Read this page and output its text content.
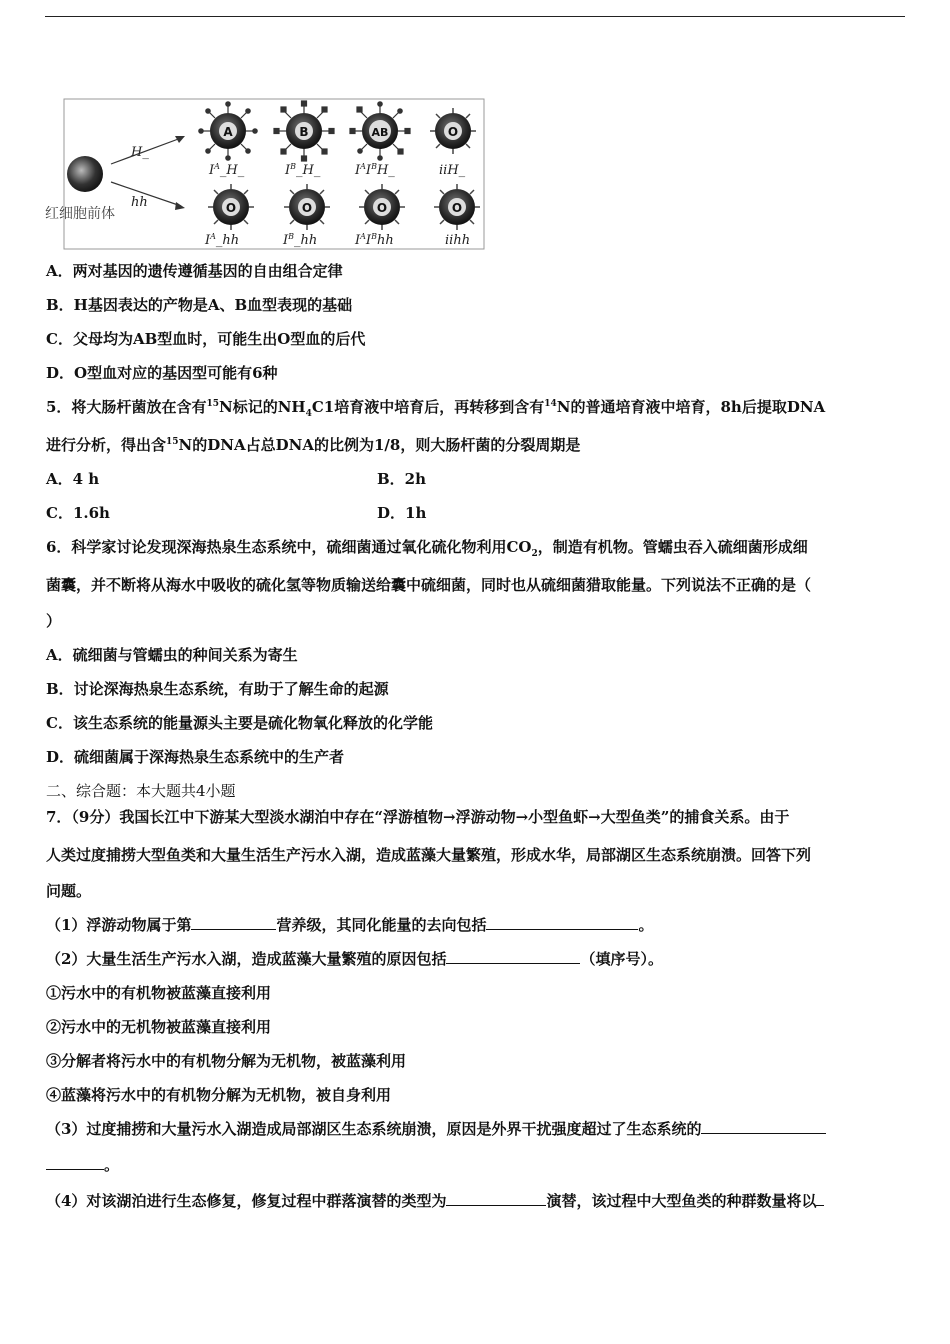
红细胞前体
H_
hh
A	B	AB	O
$I^A\_H\_$	$I^B\_H\_$	$I^AI^BH\_$	iiH_
O	O	O	O
$I^A\_hh$	$I^B\_hh$	$I^AI^Bhh$	iihh
A．两对基因的遗传遵循基因的自由组合定律
B．H基因表达的产物是A、B血型表现的基础
C．父母均为AB型血时，可能生出O型血的后代
D．O型血对应的基因型可能有6种
5．将大肠杆菌放在含有$^{15}$N标记的$NH_4C1$培育液中培育后，再转移到含有$^{14}$N的普通培育液中培育，8h后提取DNA
进行分析，得出含$^{15}$N的DNA占总DNA的比例为1/8，则大肠杆菌的分裂周期是
A．4 h	B．2h
C．1.6h	D．1h
6．科学家讨论发现深海热泉生态系统中，硫细菌通过氧化硫化物利用$CO_2$，制造有机物。管蠕虫吞入硫细菌形成细
菌囊，并不断将从海水中吸收的硫化氢等物质输送给囊中硫细菌，同时也从硫细菌猎取能量。下列说法不正确的是（
）
A．硫细菌与管蠕虫的种间关系为寄生
B．讨论深海热泉生态系统，有助于了解生命的起源
C．该生态系统的能量源头主要是硫化物氧化释放的化学能
D．硫细菌属于深海热泉生态系统中的生产者
二、综合题：本大题共4小题
7．（9分）我国长江中下游某大型淡水湖泊中存在“浮游植物→浮游动物→小型鱼虾→大型鱼类”的捕食关系。由于
人类过度捕捞大型鱼类和大量生活生产污水入湖，造成蓝藻大量繁殖，形成水华，局部湖区生态系统崩溃。回答下列
问题。
（1）浮游动物属于第	营养级，其同化能量的去向包括	。
（2）大量生活生产污水入湖，造成蓝藻大量繁殖的原因包括	（填序号）。
①污水中的有机物被蓝藻直接利用
②污水中的无机物被蓝藻直接利用
③分解者将污水中的有机物分解为无机物，被蓝藻利用
④蓝藻将污水中的有机物分解为无机物，被自身利用
（3）过度捕捞和大量污水入湖造成局部湖区生态系统崩溃，原因是外界干扰强度超过了生态系统的
。
（4）对该湖泊进行生态修复，修复过程中群落演替的类型为	演替，该过程中大型鱼类的种群数量将以
